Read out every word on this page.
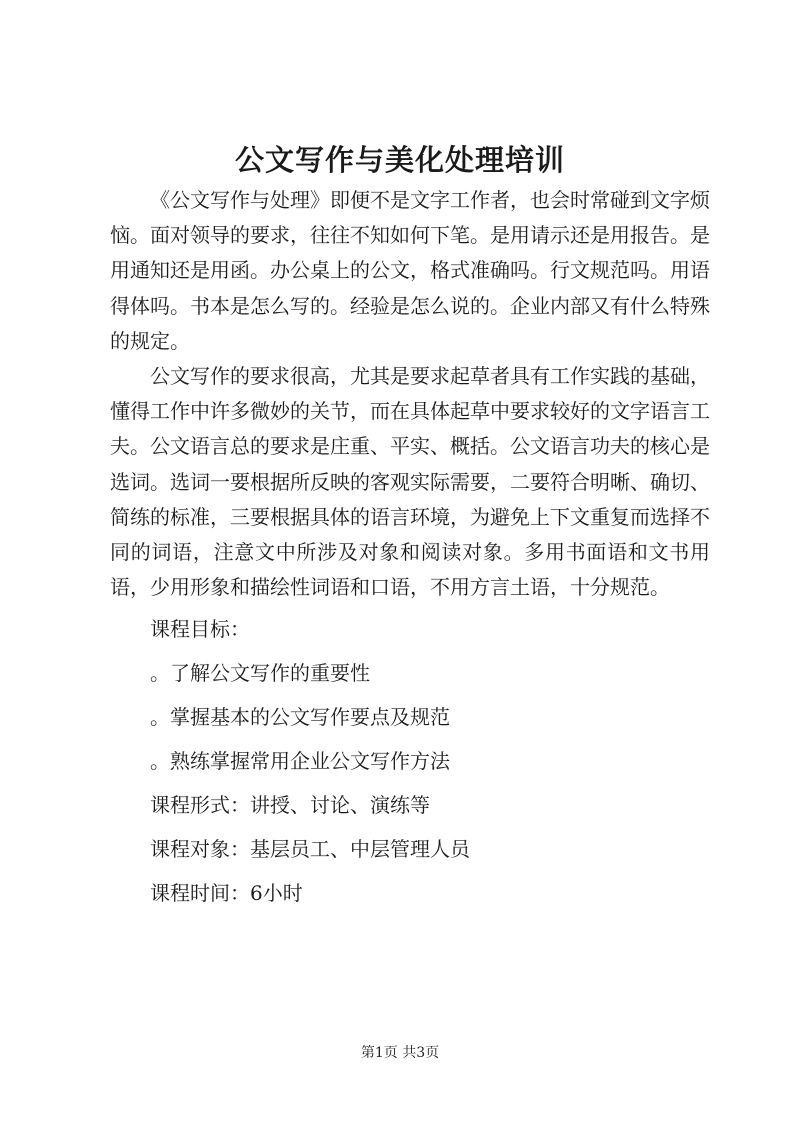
公文写作与美化处理培训

《公文写作与处理》即便不是文字工作者，也会时常碰到文字烦恼。面对领导的要求，往往不知如何下笔。是用请示还是用报告。是用通知还是用函。办公桌上的公文，格式准确吗。行文规范吗。用语得体吗。书本是怎么写的。经验是怎么说的。企业内部又有什么特殊的规定。

公文写作的要求很高，尤其是要求起草者具有工作实践的基础，懂得工作中许多微妙的关节，而在具体起草中要求较好的文字语言工夫。公文语言总的要求是庄重、平实、概括。公文语言功夫的核心是选词。选词一要根据所反映的客观实际需要，二要符合明晰、确切、简练的标准，三要根据具体的语言环境，为避免上下文重复而选择不同的词语，注意文中所涉及对象和阅读对象。多用书面语和文书用语，少用形象和描绘性词语和口语，不用方言土语，十分规范。

课程目标：

。了解公文写作的重要性

。掌握基本的公文写作要点及规范

。熟练掌握常用企业公文写作方法

课程形式：讲授、讨论、演练等

课程对象：基层员工、中层管理人员

课程时间：6小时

第1页 共3页
